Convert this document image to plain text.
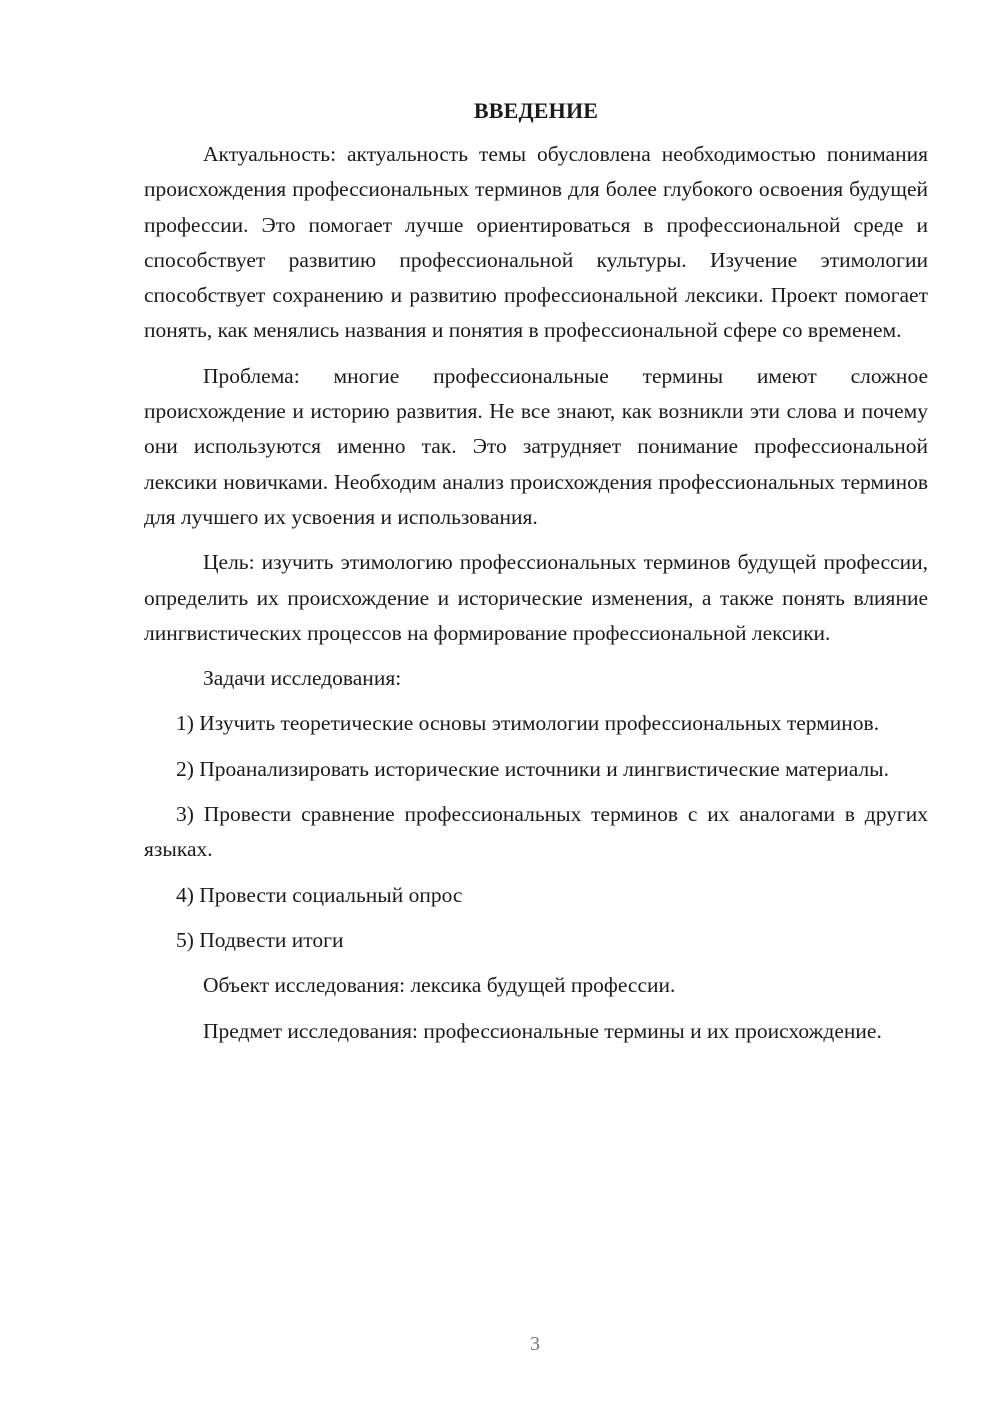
ВВЕДЕНИЕ

Актуальность: актуальность темы обусловлена необходимостью понимания происхождения профессиональных терминов для более глубокого освоения будущей профессии. Это помогает лучше ориентироваться в профессиональной среде и способствует развитию профессиональной культуры. Изучение этимологии способствует сохранению и развитию профессиональной лексики. Проект помогает понять, как менялись названия и понятия в профессиональной сфере со временем.

Проблема: многие профессиональные термины имеют сложное происхождение и историю развития. Не все знают, как возникли эти слова и почему они используются именно так. Это затрудняет понимание профессиональной лексики новичками. Необходим анализ происхождения профессиональных терминов для лучшего их усвоения и использования.

Цель: изучить этимологию профессиональных терминов будущей профессии, определить их происхождение и исторические изменения, а также понять влияние лингвистических процессов на формирование профессиональной лексики.

Задачи исследования:

1) Изучить теоретические основы этимологии профессиональных терминов.

2) Проанализировать исторические источники и лингвистические материалы.

3) Провести сравнение профессиональных терминов с их аналогами в других языках.

4) Провести социальный опрос

5) Подвести итоги

Объект исследования: лексика будущей профессии.

Предмет исследования: профессиональные термины и их происхождение.

3
